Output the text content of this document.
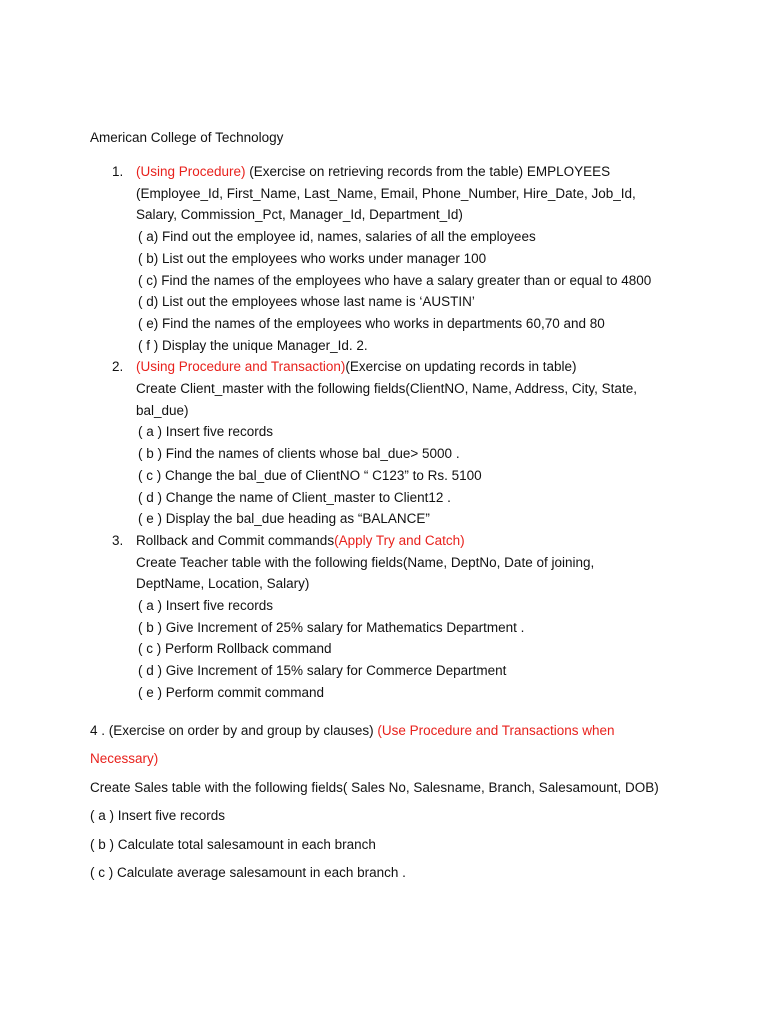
American College of Technology
1. (Using Procedure) (Exercise on retrieving records from the table) EMPLOYEES
(Employee_Id, First_Name, Last_Name, Email, Phone_Number, Hire_Date, Job_Id,
Salary, Commission_Pct, Manager_Id, Department_Id)
( a) Find out the employee id, names, salaries of all the employees
( b) List out the employees who works under manager 100
( c) Find the names of the employees who have a salary greater than or equal to 4800
( d) List out the employees whose last name is ‘AUSTIN’
( e) Find the names of the employees who works in departments 60,70 and 80
( f ) Display the unique Manager_Id. 2.
2. (Using Procedure and Transaction)(Exercise on updating records in table)
Create Client_master with the following fields(ClientNO, Name, Address, City, State,
bal_due)
( a ) Insert five records
( b ) Find the names of clients whose bal_due> 5000 .
( c ) Change the bal_due of ClientNO “ C123” to Rs. 5100
( d ) Change the name of Client_master to Client12 .
( e ) Display the bal_due heading as “BALANCE”
3. Rollback and Commit commands(Apply Try and Catch)
Create Teacher table with the following fields(Name, DeptNo, Date of joining,
DeptName, Location, Salary)
( a ) Insert five records
( b ) Give Increment of 25% salary for Mathematics Department .
( c ) Perform Rollback command
( d ) Give Increment of 15% salary for Commerce Department
( e ) Perform commit command
4 . (Exercise on order by and group by clauses) (Use Procedure and Transactions when
Necessary)
Create Sales table with the following fields( Sales No, Salesname, Branch, Salesamount, DOB)
( a ) Insert five records
( b ) Calculate total salesamount in each branch
( c ) Calculate average salesamount in each branch .
